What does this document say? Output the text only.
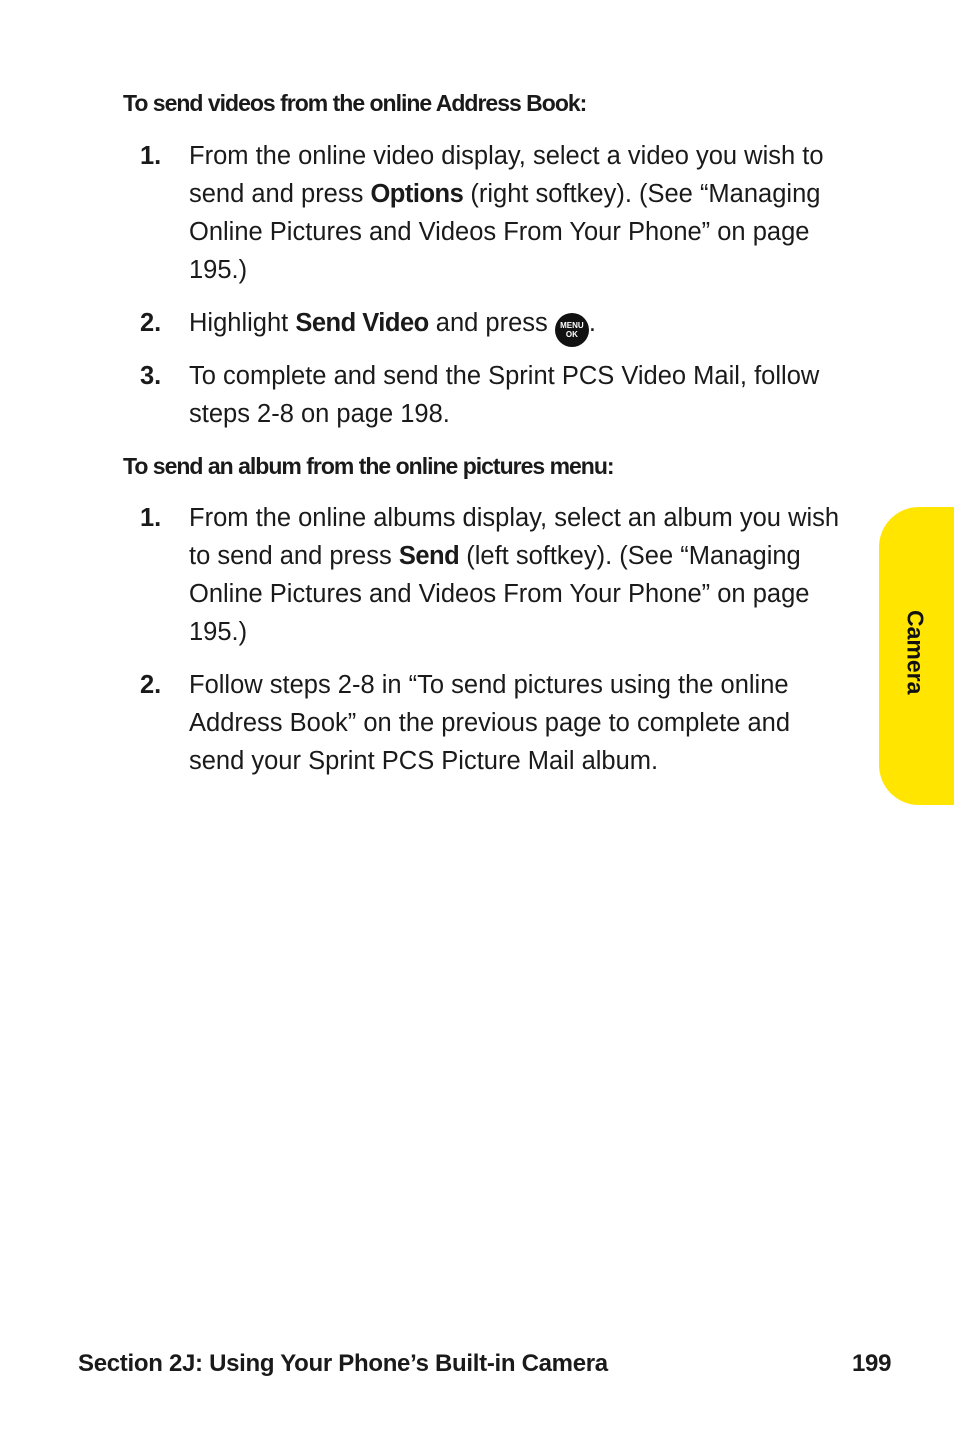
To send videos from the online Address Book:
1. From the online video display, select a video you wish to send and press Options (right softkey). (See “Managing Online Pictures and Videos From Your Phone” on page 195.)
2. Highlight Send Video and press MENU
OK .
3. To complete and send the Sprint PCS Video Mail, follow steps 2-8 on page 198.
To send an album from the online pictures menu:
1. From the online albums display, select an album you wish to send and press Send (left softkey). (See “Managing Online Pictures and Videos From Your Phone” on page 195.)
2. Follow steps 2-8 in “To send pictures using the online Address Book” on the previous page to complete and send your Sprint PCS Picture Mail album.
Camera
Section 2J: Using Your Phone’s Built-in Camera	199
